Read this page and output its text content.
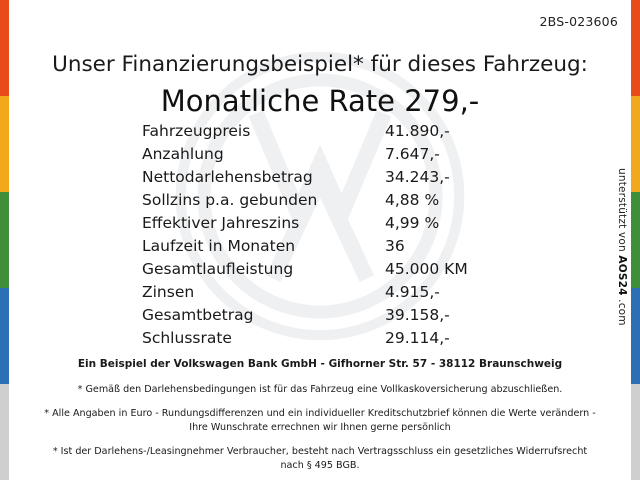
2BS-023606
Unser Finanzierungsbeispiel* für dieses Fahrzeug:
Monatliche Rate 279,-
Fahrzeugpreis	41.890,-
Anzahlung	7.647,-
Nettodarlehensbetrag	34.243,-
Sollzins p.a. gebunden	4,88 %
Effektiver Jahreszins	4,99 %
Laufzeit in Monaten	36
Gesamtlaufleistung	45.000 KM
Zinsen	4.915,-
Gesamtbetrag	39.158,-
Schlussrate	29.114,-
Ein Beispiel der Volkswagen Bank GmbH - Gifhorner Str. 57 - 38112 Braunschweig

* Gemäß den Darlehensbedingungen ist für das Fahrzeug eine Vollkaskoversicherung abzuschließen.

* Alle Angaben in Euro - Rundungsdifferenzen und ein individueller Kreditschutzbrief können die Werte verändern - Ihre Wunschrate errechnen wir Ihnen gerne persönlich

* Ist der Darlehens-/Leasingnehmer Verbraucher, besteht nach Vertragsschluss ein gesetzliches Widerrufsrecht nach § 495 BGB.

unterstützt von AOS24 .com
